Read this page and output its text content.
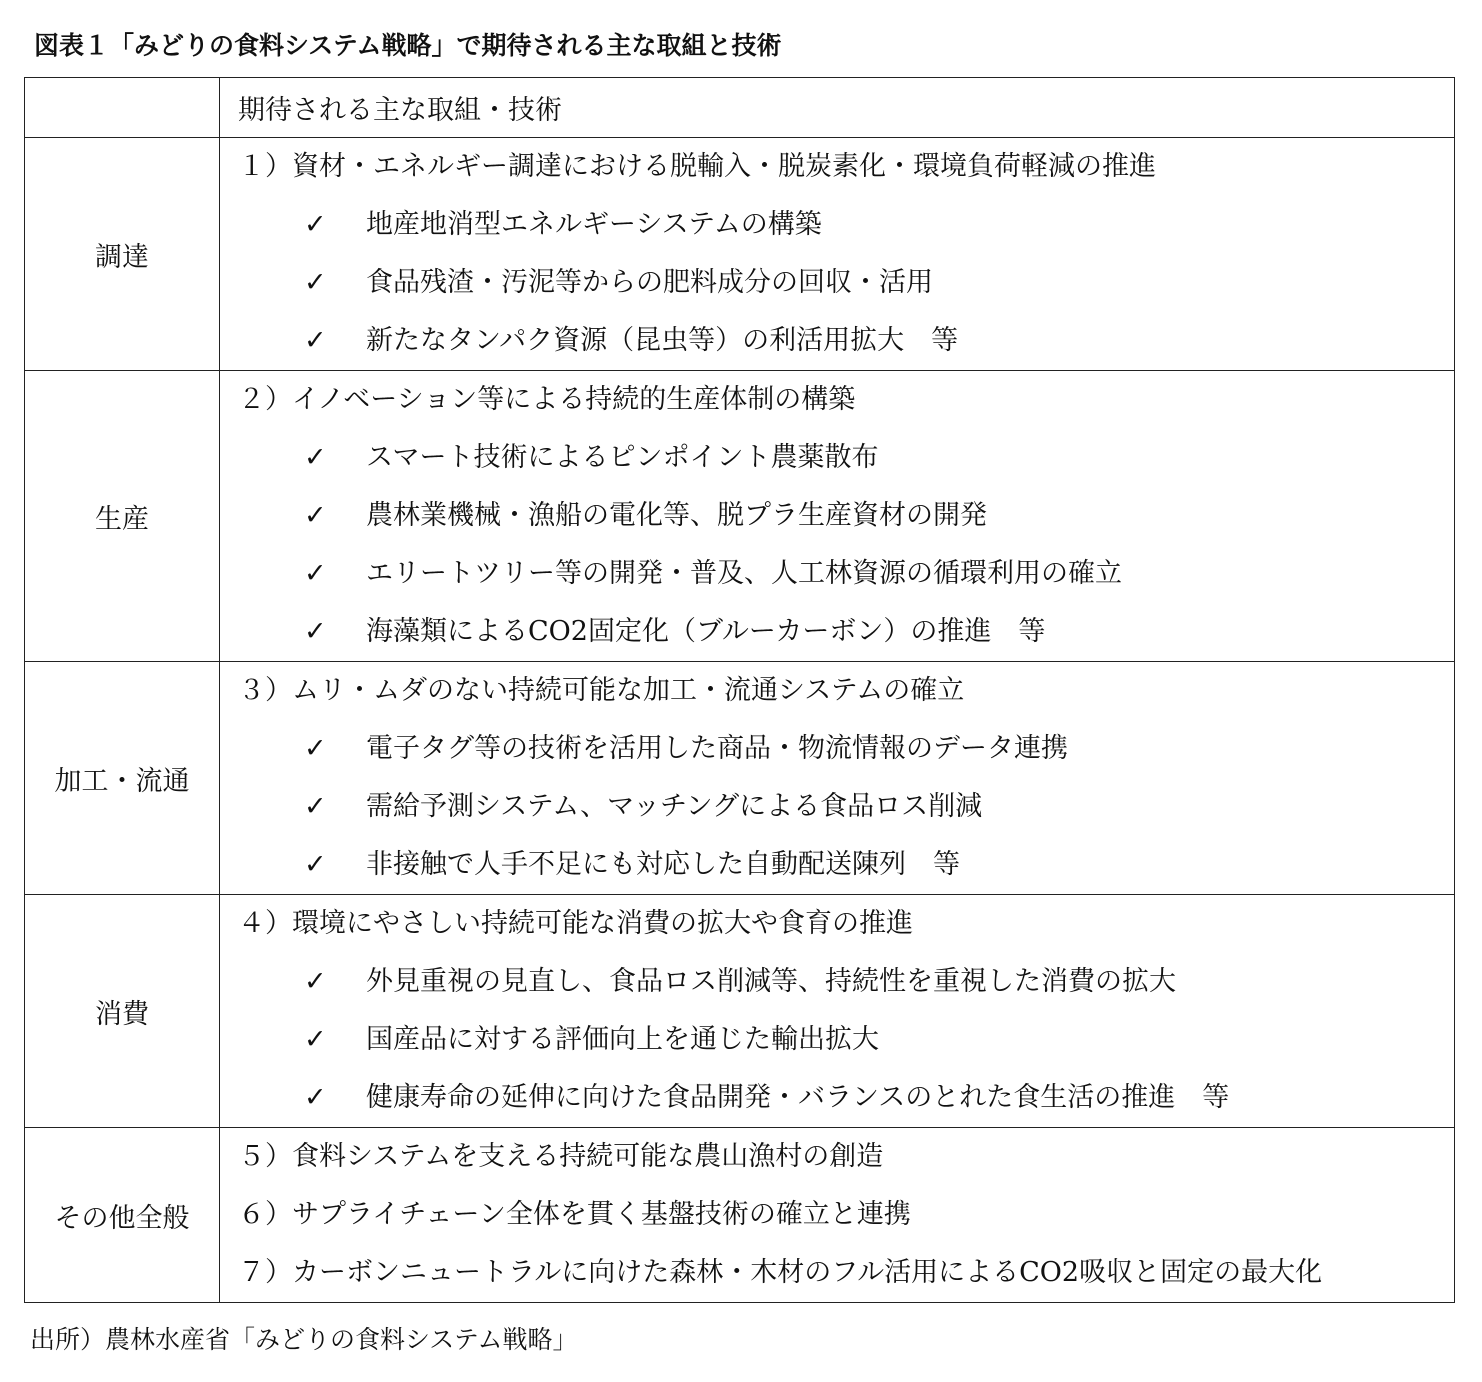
図表１「みどりの食料システム戦略」で期待される主な取組と技術
	期待される主な取組・技術
調達	１）資材・エネルギー調達における脱輸入・脱炭素化・環境負荷軽減の推進
✓ 地産地消型エネルギーシステムの構築
✓ 食品残渣・汚泥等からの肥料成分の回収・活用
✓ 新たなタンパク資源（昆虫等）の利活用拡大　等

生産	２）イノベーション等による持続的生産体制の構築
✓ スマート技術によるピンポイント農薬散布
✓ 農林業機械・漁船の電化等、脱プラ生産資材の開発
✓ エリートツリー等の開発・普及、人工林資源の循環利用の確立
✓ 海藻類によるCO2固定化（ブルーカーボン）の推進　等

加工・流通	３）ムリ・ムダのない持続可能な加工・流通システムの確立
✓ 電子タグ等の技術を活用した商品・物流情報のデータ連携
✓ 需給予測システム、マッチングによる食品ロス削減
✓ 非接触で人手不足にも対応した自動配送陳列　等

消費	４）環境にやさしい持続可能な消費の拡大や食育の推進
✓ 外見重視の見直し、食品ロス削減等、持続性を重視した消費の拡大
✓ 国産品に対する評価向上を通じた輸出拡大
✓ 健康寿命の延伸に向けた食品開発・バランスのとれた食生活の推進　等

その他全般	５）食料システムを支える持続可能な農山漁村の創造
６）サプライチェーン全体を貫く基盤技術の確立と連携
７）カーボンニュートラルに向けた森林・木材のフル活用によるCO2吸収と固定の最大化
出所）農林水産省「みどりの食料システム戦略」
